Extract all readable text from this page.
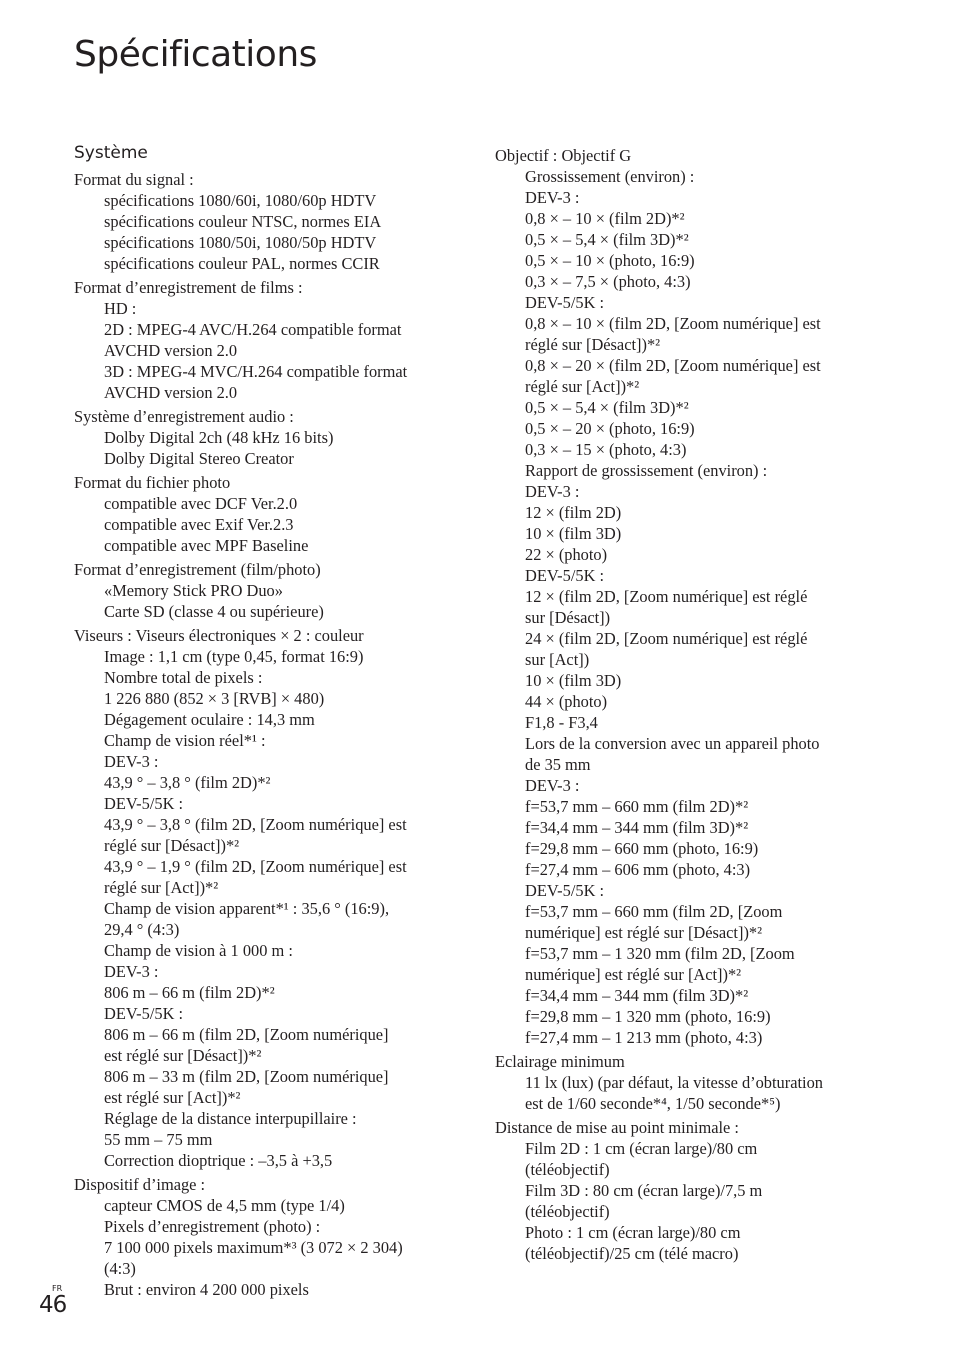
Spécifications
Système
Format du signal :
spécifications 1080/60i, 1080/60p HDTV
spécifications couleur NTSC, normes EIA
spécifications 1080/50i, 1080/50p HDTV
spécifications couleur PAL, normes CCIR
Format d’enregistrement de films :
HD :
2D : MPEG-4 AVC/H.264 compatible format
AVCHD version 2.0
3D : MPEG-4 MVC/H.264 compatible format
AVCHD version 2.0
Système d’enregistrement audio :
Dolby Digital 2ch (48 kHz 16 bits)
Dolby Digital Stereo Creator
Format du fichier photo
compatible avec DCF Ver.2.0
compatible avec Exif Ver.2.3
compatible avec MPF Baseline
Format d’enregistrement (film/photo)
«Memory Stick PRO Duo»
Carte SD (classe 4 ou supérieure)
Viseurs : Viseurs électroniques × 2 : couleur
Image : 1,1 cm (type 0,45, format 16:9)
Nombre total de pixels :
1 226 880 (852 × 3 [RVB] × 480)
Dégagement oculaire : 14,3 mm
Champ de vision réel*¹ :
DEV-3 :
43,9 ° – 3,8 ° (film 2D)*²
DEV-5/5K :
43,9 ° – 3,8 ° (film 2D, [Zoom numérique] est
réglé sur [Désact])*²
43,9 ° – 1,9 ° (film 2D, [Zoom numérique] est
réglé sur [Act])*²
Champ de vision apparent*¹ : 35,6 ° (16:9),
29,4 ° (4:3)
Champ de vision à 1 000 m :
DEV-3 :
806 m – 66 m (film 2D)*²
DEV-5/5K :
806 m – 66 m (film 2D, [Zoom numérique]
est réglé sur [Désact])*²
806 m – 33 m (film 2D, [Zoom numérique]
est réglé sur [Act])*²
Réglage de la distance interpupillaire :
55 mm – 75 mm
Correction dioptrique : –3,5 à +3,5
Dispositif d’image :
capteur CMOS de 4,5 mm (type 1/4)
Pixels d’enregistrement (photo) :
7 100 000 pixels maximum*³ (3 072 × 2 304)
(4:3)
Brut : environ 4 200 000 pixels
Objectif : Objectif G
Grossissement (environ) :
DEV-3 :
0,8 × – 10 × (film 2D)*²
0,5 × – 5,4 × (film 3D)*²
0,5 × – 10 × (photo, 16:9)
0,3 × – 7,5 × (photo, 4:3)
DEV-5/5K :
0,8 × – 10 × (film 2D, [Zoom numérique] est
réglé sur [Désact])*²
0,8 × – 20 × (film 2D, [Zoom numérique] est
réglé sur [Act])*²
0,5 × – 5,4 × (film 3D)*²
0,5 × – 20 × (photo, 16:9)
0,3 × – 15 × (photo, 4:3)
Rapport de grossissement (environ) :
DEV-3 :
12 × (film 2D)
10 × (film 3D)
22 × (photo)
DEV-5/5K :
12 × (film 2D, [Zoom numérique] est réglé
sur [Désact])
24 × (film 2D, [Zoom numérique] est réglé
sur [Act])
10 × (film 3D)
44 × (photo)
F1,8 - F3,4
Lors de la conversion avec un appareil photo
de 35 mm
DEV-3 :
f=53,7 mm – 660 mm (film 2D)*²
f=34,4 mm – 344 mm (film 3D)*²
f=29,8 mm – 660 mm (photo, 16:9)
f=27,4 mm – 606 mm (photo, 4:3)
DEV-5/5K :
f=53,7 mm – 660 mm (film 2D, [Zoom
numérique] est réglé sur [Désact])*²
f=53,7 mm – 1 320 mm (film 2D, [Zoom
numérique] est réglé sur [Act])*²
f=34,4 mm – 344 mm (film 3D)*²
f=29,8 mm – 1 320 mm (photo, 16:9)
f=27,4 mm – 1 213 mm (photo, 4:3)
Eclairage minimum
11 lx (lux) (par défaut, la vitesse d’obturation
est de 1/60 seconde*⁴, 1/50 seconde*⁵)
Distance de mise au point minimale :
Film 2D : 1 cm (écran large)/80 cm
(téléobjectif)
Film 3D : 80 cm (écran large)/7,5 m
(téléobjectif)
Photo : 1 cm (écran large)/80 cm
(téléobjectif)/25 cm (télé macro)
FR
46
